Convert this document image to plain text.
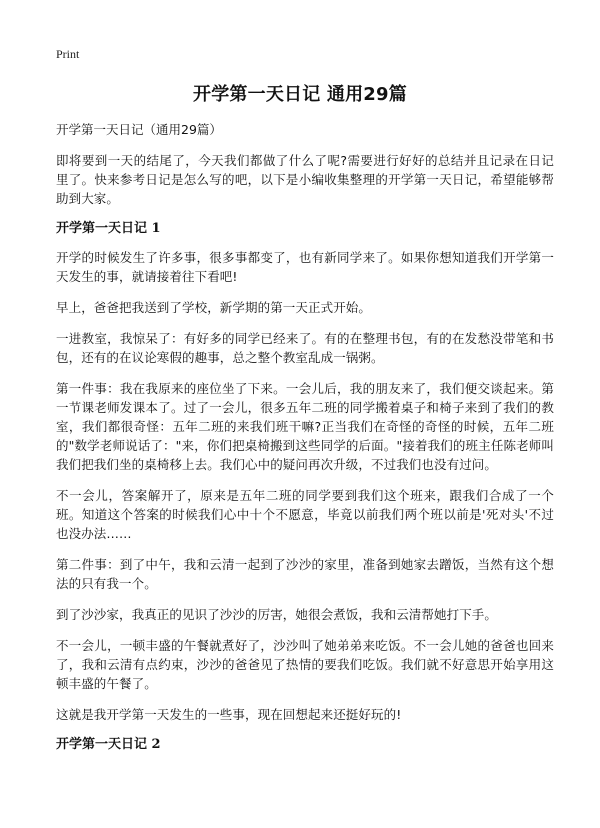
Print
开学第一天日记 通用29篇

开学第一天日记（通用29篇）

即将要到一天的结尾了，今天我们都做了什么了呢?需要进行好好的总结并且记录在日记里了。快来参考日记是怎么写的吧，以下是小编收集整理的开学第一天日记，希望能够帮助到大家。

开学第一天日记 1

开学的时候发生了许多事，很多事都变了，也有新同学来了。如果你想知道我们开学第一天发生的事，就请接着往下看吧!

早上，爸爸把我送到了学校，新学期的第一天正式开始。

一进教室，我惊呆了：有好多的同学已经来了。有的在整理书包，有的在发愁没带笔和书包，还有的在议论寒假的趣事，总之整个教室乱成一锅粥。

第一件事：我在我原来的座位坐了下来。一会儿后，我的朋友来了，我们便交谈起来。第一节课老师发课本了。过了一会儿，很多五年二班的同学搬着桌子和椅子来到了我们的教室，我们都很奇怪：五年二班的来我们班干嘛?正当我们在奇怪的奇怪的时候，五年二班的"数学老师说话了："来，你们把桌椅搬到这些同学的后面。"接着我们的班主任陈老师叫我们把我们坐的桌椅移上去。我们心中的疑问再次升级，不过我们也没有过问。

不一会儿，答案解开了，原来是五年二班的同学要到我们这个班来，跟我们合成了一个班。知道这个答案的时候我们心中十个不愿意，毕竟以前我们两个班以前是'死对头'不过也没办法……

第二件事：到了中午，我和云清一起到了沙沙的家里，准备到她家去蹭饭，当然有这个想法的只有我一个。

到了沙沙家，我真正的见识了沙沙的厉害，她很会煮饭，我和云清帮她打下手。

不一会儿，一顿丰盛的午餐就煮好了，沙沙叫了她弟弟来吃饭。不一会儿她的爸爸也回来了，我和云清有点约束，沙沙的爸爸见了热情的要我们吃饭。我们就不好意思开始享用这顿丰盛的午餐了。

这就是我开学第一天发生的一些事，现在回想起来还挺好玩的!

开学第一天日记 2
